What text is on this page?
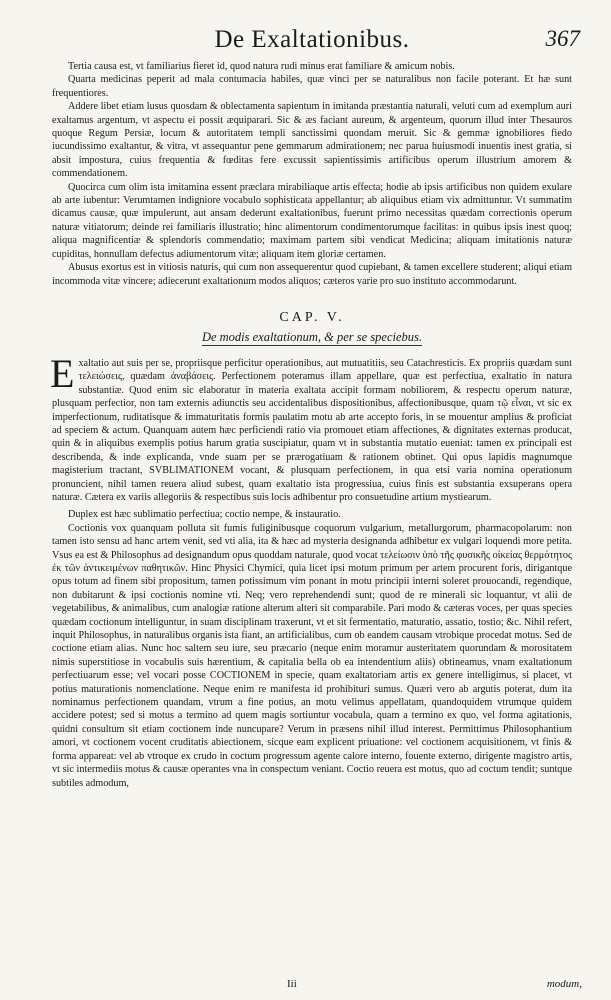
De Exaltationibus.	367

Tertia causa est, vt familiarius fieret id, quod natura rudi minus erat familiare & amicum nobis.

Quarta medicinas peperit ad mala contumacia habiles, quæ vinci per se naturalibus non facile poterant. Et hæ sunt frequentiores.

Addere libet etiam lusus quosdam & oblectamenta sapientum in imitanda præstantia naturali, veluti cum ad exemplum auri exaltamus argentum, vt aspectu ei possit æquiparari. Sic & æs faciant aureum, & argenteum, quorum illud inter Thesauros quoque Regum Persiæ, locum & autoritatem templi sanctissimi quondam meruit. Sic & gemmæ ignobiliores fiedo iucundissimo exaltantur, & vitra, vt assequantur pene gemmarum admirationem; nec parua huiusmodi inuentis inest gratia, si absit impostura, cuius frequentia & fœditas fere excussit sapientissimis artificibus operum illustrium amorem & commendationem.

Quocirca cum olim ista imitamina essent præclara mirabiliaque artis effecta; hodie ab ipsis artificibus non quidem exulare ab arte iubentur: Verumtamen indigniore vocabulo sophisticata appellantur; ab aliquibus etiam vix admittuntur. Vt summatim dicamus causæ, quæ impulerunt, aut ansam dederunt exaltationibus, fuerunt primo necessitas quædam correctionis operum naturæ vitiatorum; deinde rei familiaris illustratio; hinc alimentorum condimentorumque facilitas: in quibus ipsis inest quoq; aliqua magnificentiæ & splendoris commendatio; maximam partem sibi vendicat Medicina; aliquam imitationis naturæ cupiditas, honnullam defectus adiumentorum vitæ; aliquam item gloriæ certamen.

Abusus exortus est in vitiosis naturis, qui cum non assequerentur quod cupiebant, & tamen excellere studerent; aliqui etiam incommoda vitæ vincere; adiecerunt exaltationum modos aliquos; cæteros varie pro suo instituto accommodarunt.

CAP. V.
De modis exaltationum, & per se speciebus.

Exaltatio aut suis per se, propriisque perficitur operationibus, aut mutuatitiis, seu Catachresticis. Ex propriis quædam sunt τελειώσεις, quædam ἀναβάσεις. Perfectionem poteramus illam appellare, quæ est perfectiua, exaltatio in natura substantiæ. Quod enim sic elaboratur in materia exaltata accipit formam nobiliorem, & respectu operum naturæ, plusquam perfectior, non tam externis adiunctis seu accidentalibus dispositionibus, affectionibusque, quam τῷ εἶναι, vt sic ex imperfectionum, ruditatisque & immaturitatis formis paulatim motu ab arte accepto foris, in se mouentur amplius & proficiat ad speciem & actum. Quanquam autem hæc perficiendi ratio via promouet etiam affectiones, & dignitates externas producat, quin & in aliquibus exemplis potius harum gratia suscipiatur, quam vt in substantia mutatio eueniat: tamen ex principali est describenda, & inde explicanda, vnde suam per se prærogatiuam & rationem obtinet. Qui opus lapidis magnumque magisterium tractant, SVBLIMATIONEM vocant, & plusquam perfectionem, in qua etsi varia nomina operationum pronuncient, nihil tamen reuera aliud subest, quam exaltatio ista progressiua, cuius finis est substantia exsuperans opera naturæ. Cætera ex variis allegoriis & respectibus suis locis adhibentur pro consuetudine artium mystiearum.

Duplex est hæc sublimatio perfectiua; coctio nempe, & instauratio.

Coctionis vox quanquam polluta sit fumis fuliginibusque coquorum vulgarium, metallurgorum, pharmacopolarum: non tamen isto sensu ad hanc artem venit, sed vti alia, ita & hæc ad mysteria designanda adhibetur ex vulgari loquendi more petita. Vsus ea est & Philosophus ad designandum opus quoddam naturale, quod vocat τελείωσιν ὑπὸ τῆς φυσικῆς οἰκείας θερμότητος ἐκ τῶν ἀντικειμένων παθητικῶν. Hinc Physici Chymici, quia licet ipsi motum primum per artem procurent foris, dirigantque opus totum ad finem sibi propositum, tamen potissimum vim ponant in motu principii interni soleret prouocandi, regendique, non dubitarunt & ipsi coctionis nomine vti. Neq; vero reprehendendi sunt; quod de re minerali sic loquantur, vt alii de vegetabilibus, & animalibus, cum analogiæ ratione alterum alteri sit comparabile. Pari modo & cæteras voces, per quas species quædam coctionum intelliguntur, in suam disciplinam traxerunt, vt et sit fermentatio, maturatio, assatio, tostio; &c. Nihil refert, inquit Philosophus, in naturalibus organis ista fiant, an artificialibus, cum ob eandem causam vtrobique procedat motus. Sed de coctione etiam alias. Nunc hoc saltem seu iure, seu præcario (neque enim moramur austeritatem quorundam & morositatem nimis superstitiose in vocabulis suis hærentium, & capitalia bella ob ea intendentium aliis) obtineamus, vnam exaltationum perfectiuarum esse; vel vocari posse COCTIONEM in specie, quam exaltatoriam artis ex genere intelligimus, si placet, vt potius maturationis nomenclatione. Neque enim re manifesta id prohibituri sumus. Quæri vero ab argutis poterat, dum ita nominamus perfectionem quandam, vtrum a fine potius, an motu velimus appellatam, quandoquidem vtrumque quidem accidere potest; sed si motus a termino ad quem magis sortiuntur vocabula, quam a termino ex quo, vel forma agitationis, quidni consultum sit etiam coctionem inde nuncupare? Verum in præsens nihil illud interest. Permittimus Philosophantium amori, vt coctionem vocent cruditatis abiectionem, sicque eam explicent priuatione: vel coctionem acquisitionem, vt finis & forma appareat: vel ab vtroque ex crudo in coctum progressum agente calore interno, fouente externo, dirigente magistro artis, vt sic intermediis motus & causæ operantes vna in conspectum veniant. Coctio reuera est motus, quo ad coctum tendit; suntque subtiles admodum,

Iii	modum,
